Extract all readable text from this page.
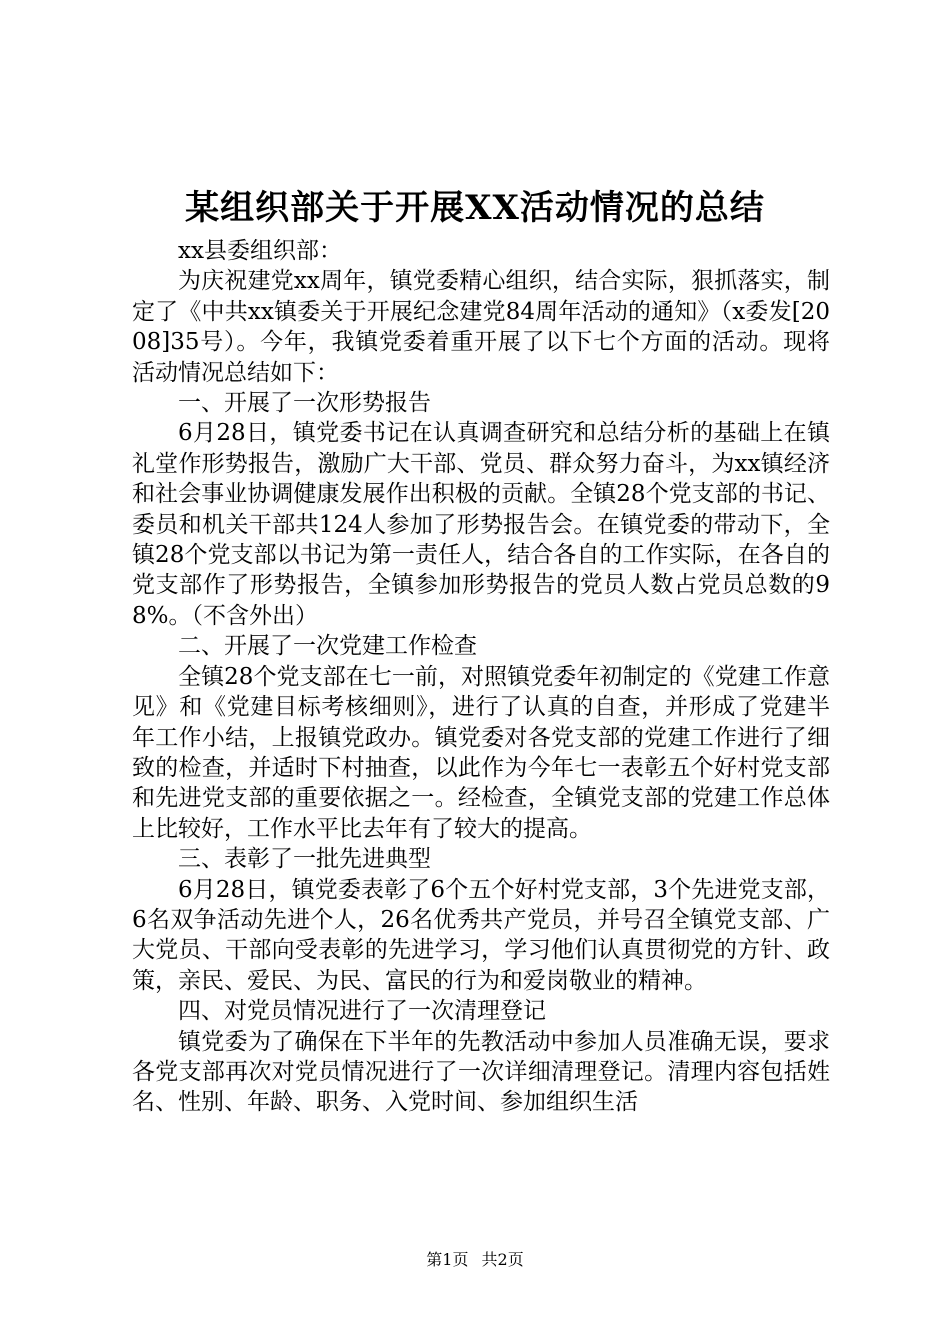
某组织部关于开展XX活动情况的总结

xx县委组织部：

为庆祝建党xx周年，镇党委精心组织，结合实际，狠抓落实，制定了《中共xx镇委关于开展纪念建党84周年活动的通知》（x委发[2008]35号）。今年，我镇党委着重开展了以下七个方面的活动。现将活动情况总结如下：

一、开展了一次形势报告

6月28日，镇党委书记在认真调查研究和总结分析的基础上在镇礼堂作形势报告，激励广大干部、党员、群众努力奋斗，为xx镇经济和社会事业协调健康发展作出积极的贡献。全镇28个党支部的书记、委员和机关干部共124人参加了形势报告会。在镇党委的带动下，全镇28个党支部以书记为第一责任人，结合各自的工作实际，在各自的党支部作了形势报告，全镇参加形势报告的党员人数占党员总数的98%。（不含外出）

二、开展了一次党建工作检查

全镇28个党支部在七一前，对照镇党委年初制定的《党建工作意见》和《党建目标考核细则》，进行了认真的自查，并形成了党建半年工作小结，上报镇党政办。镇党委对各党支部的党建工作进行了细致的检查，并适时下村抽查，以此作为今年七一表彰五个好村党支部和先进党支部的重要依据之一。经检查，全镇党支部的党建工作总体上比较好，工作水平比去年有了较大的提高。

三、表彰了一批先进典型

6月28日，镇党委表彰了6个五个好村党支部，3个先进党支部，6名双争活动先进个人，26名优秀共产党员，并号召全镇党支部、广大党员、干部向受表彰的先进学习，学习他们认真贯彻党的方针、政策，亲民、爱民、为民、富民的行为和爱岗敬业的精神。

四、对党员情况进行了一次清理登记

镇党委为了确保在下半年的先教活动中参加人员准确无误，要求各党支部再次对党员情况进行了一次详细清理登记。清理内容包括姓名、性别、年龄、职务、入党时间、参加组织生活

第1页 共2页
